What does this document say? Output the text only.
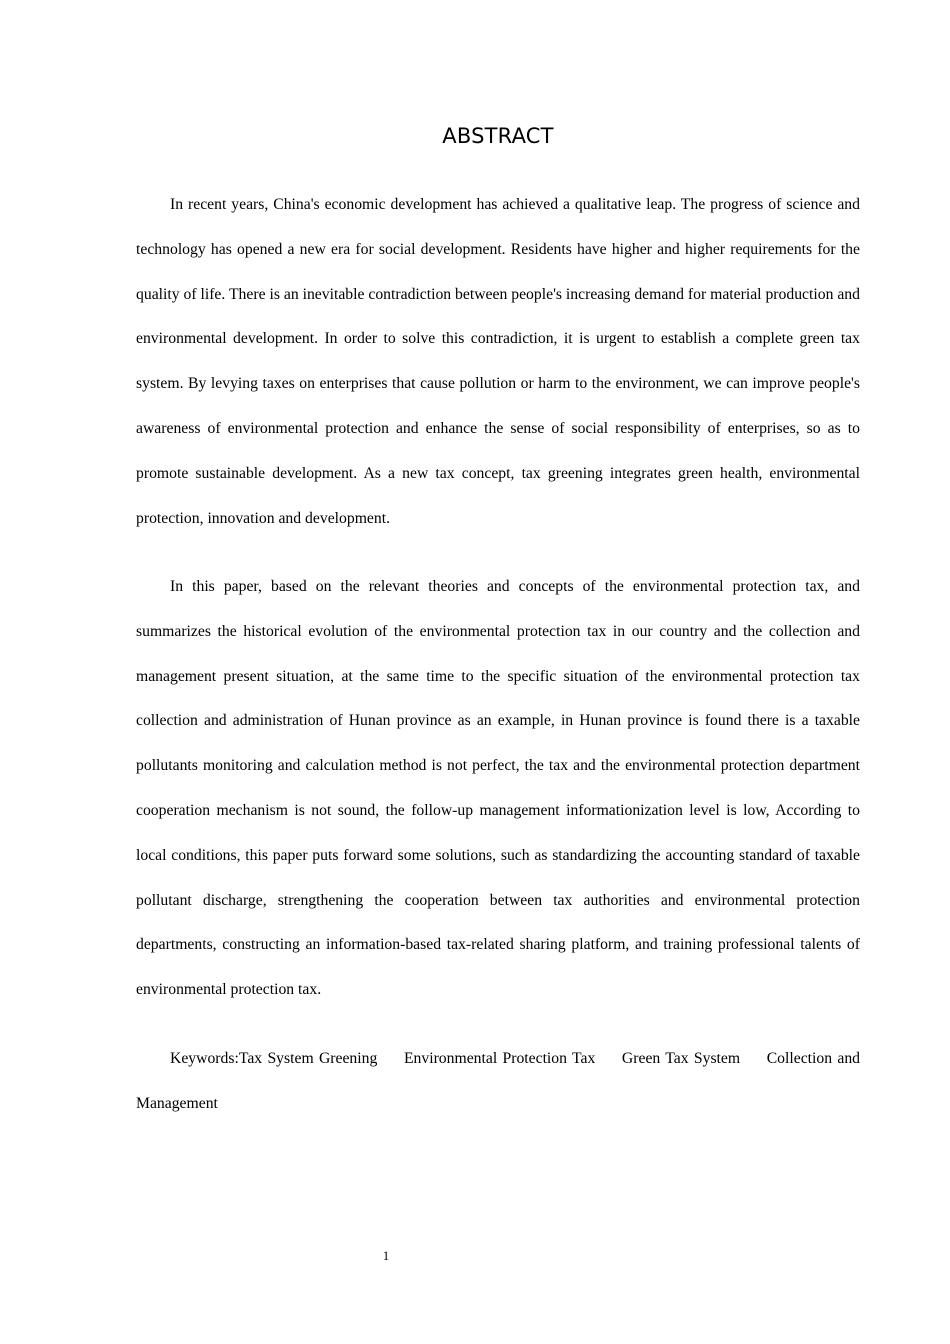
ABSTRACT

In recent years, China's economic development has achieved a qualitative leap. The progress of science and technology has opened a new era for social development. Residents have higher and higher requirements for the quality of life. There is an inevitable contradiction between people's increasing demand for material production and environmental development. In order to solve this contradiction, it is urgent to establish a complete green tax system. By levying taxes on enterprises that cause pollution or harm to the environment, we can improve people's awareness of environmental protection and enhance the sense of social responsibility of enterprises, so as to promote sustainable development. As a new tax concept, tax greening integrates green health, environmental protection, innovation and development.

In this paper, based on the relevant theories and concepts of the environmental protection tax, and summarizes the historical evolution of the environmental protection tax in our country and the collection and management present situation, at the same time to the specific situation of the environmental protection tax collection and administration of Hunan province as an example, in Hunan province is found there is a taxable pollutants monitoring and calculation method is not perfect, the tax and the environmental protection department cooperation mechanism is not sound, the follow-up management informationization level is low, According to local conditions, this paper puts forward some solutions, such as standardizing the accounting standard of taxable pollutant discharge, strengthening the cooperation between tax authorities and environmental protection departments, constructing an information-based tax-related sharing platform, and training professional talents of environmental protection tax.

Keywords:Tax System Greening Environmental Protection Tax Green Tax System Collection and Management

1
